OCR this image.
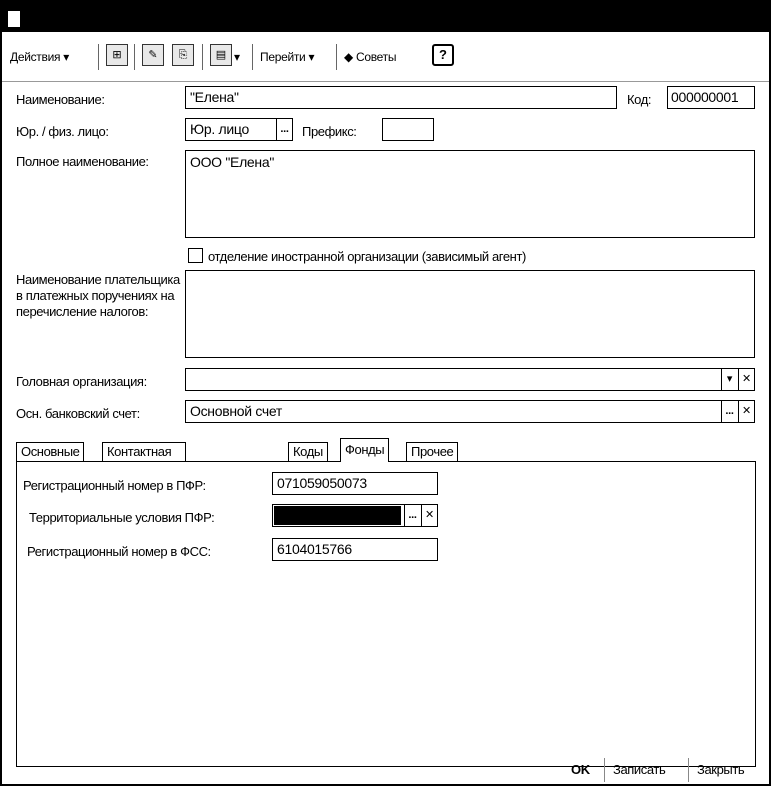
Действия ▾	⊞	✎	⎘	▤ ▾ Перейти ▾ ◆ Советы	?
Наименование:	"Елена"	Код: 000000001
Юр. / физ. лицо:	Юр. лицо	... Префикс:
Полное наименование:	ООО "Елена"
отделение иностранной организации (зависимый агент)
Наименование плательщика в платежных поручениях на перечисление налогов:
Головная организация:	▾ ✕
Осн. банковский счет:	Основной счет	... ✕
Основные	Контактная	Коды	Фонды	Прочее
Регистрационный номер в ПФР:	071059050073
Территориальные условия ПФР:	... ✕
Регистрационный номер в ФСС:	6104015766
OK Записать Закрыть
